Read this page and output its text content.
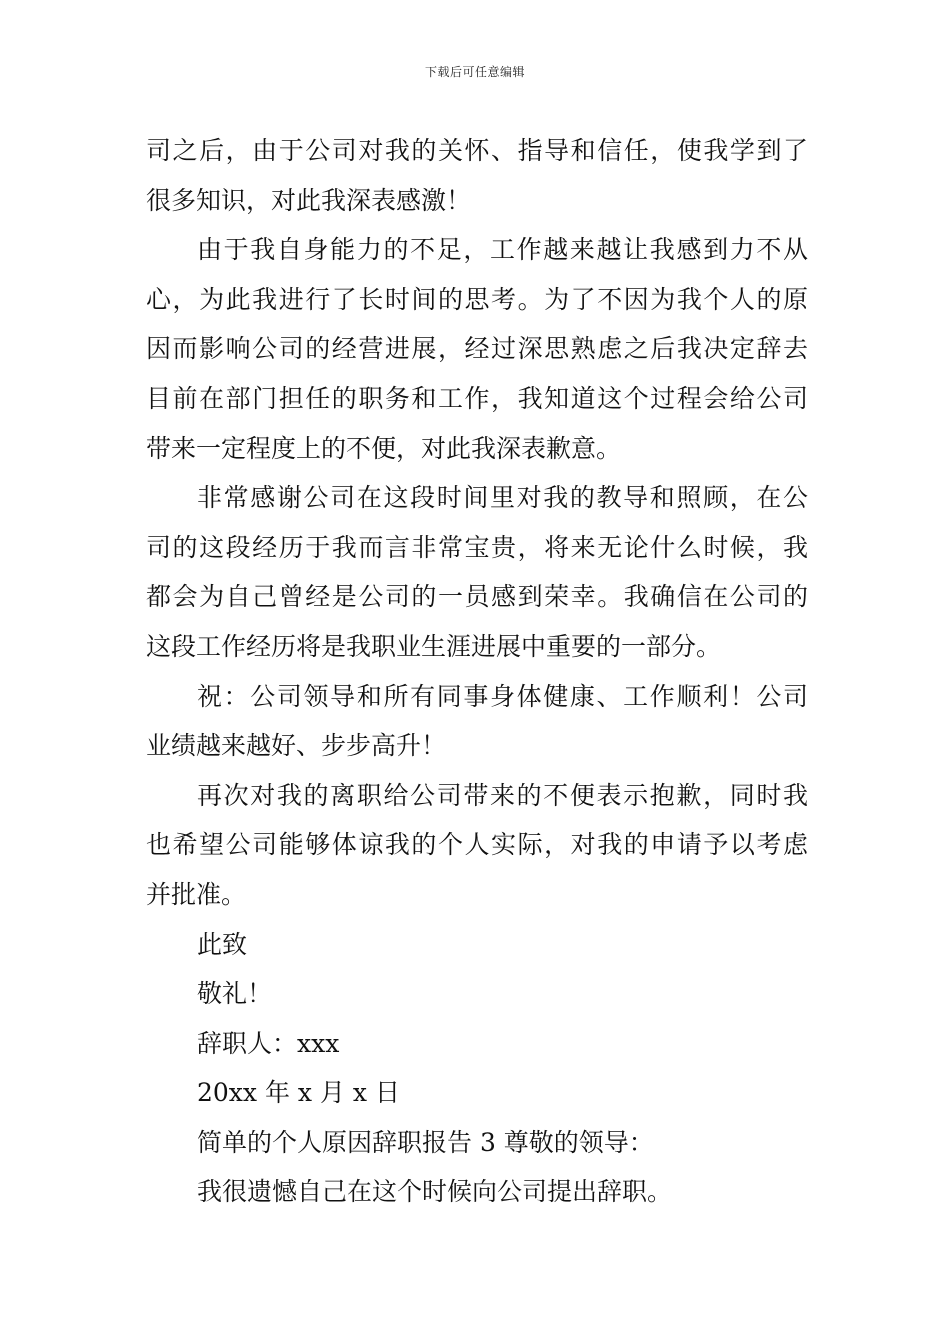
下载后可任意编辑
司之后，由于公司对我的关怀、指导和信任，使我学到了
很多知识，对此我深表感激！
由于我自身能力的不足，工作越来越让我感到力不从
心，为此我进行了长时间的思考。为了不因为我个人的原
因而影响公司的经营进展，经过深思熟虑之后我决定辞去
目前在部门担任的职务和工作，我知道这个过程会给公司
带来一定程度上的不便，对此我深表歉意。
非常感谢公司在这段时间里对我的教导和照顾，在公
司的这段经历于我而言非常宝贵，将来无论什么时候，我
都会为自己曾经是公司的一员感到荣幸。我确信在公司的
这段工作经历将是我职业生涯进展中重要的一部分。
祝：公司领导和所有同事身体健康、工作顺利！公司
业绩越来越好、步步高升！
再次对我的离职给公司带来的不便表示抱歉，同时我
也希望公司能够体谅我的个人实际，对我的申请予以考虑
并批准。
此致
敬礼！
辞职人：xxx
20xx 年 x 月 x 日
简单的个人原因辞职报告 3 尊敬的领导：
我很遗憾自己在这个时候向公司提出辞职。
